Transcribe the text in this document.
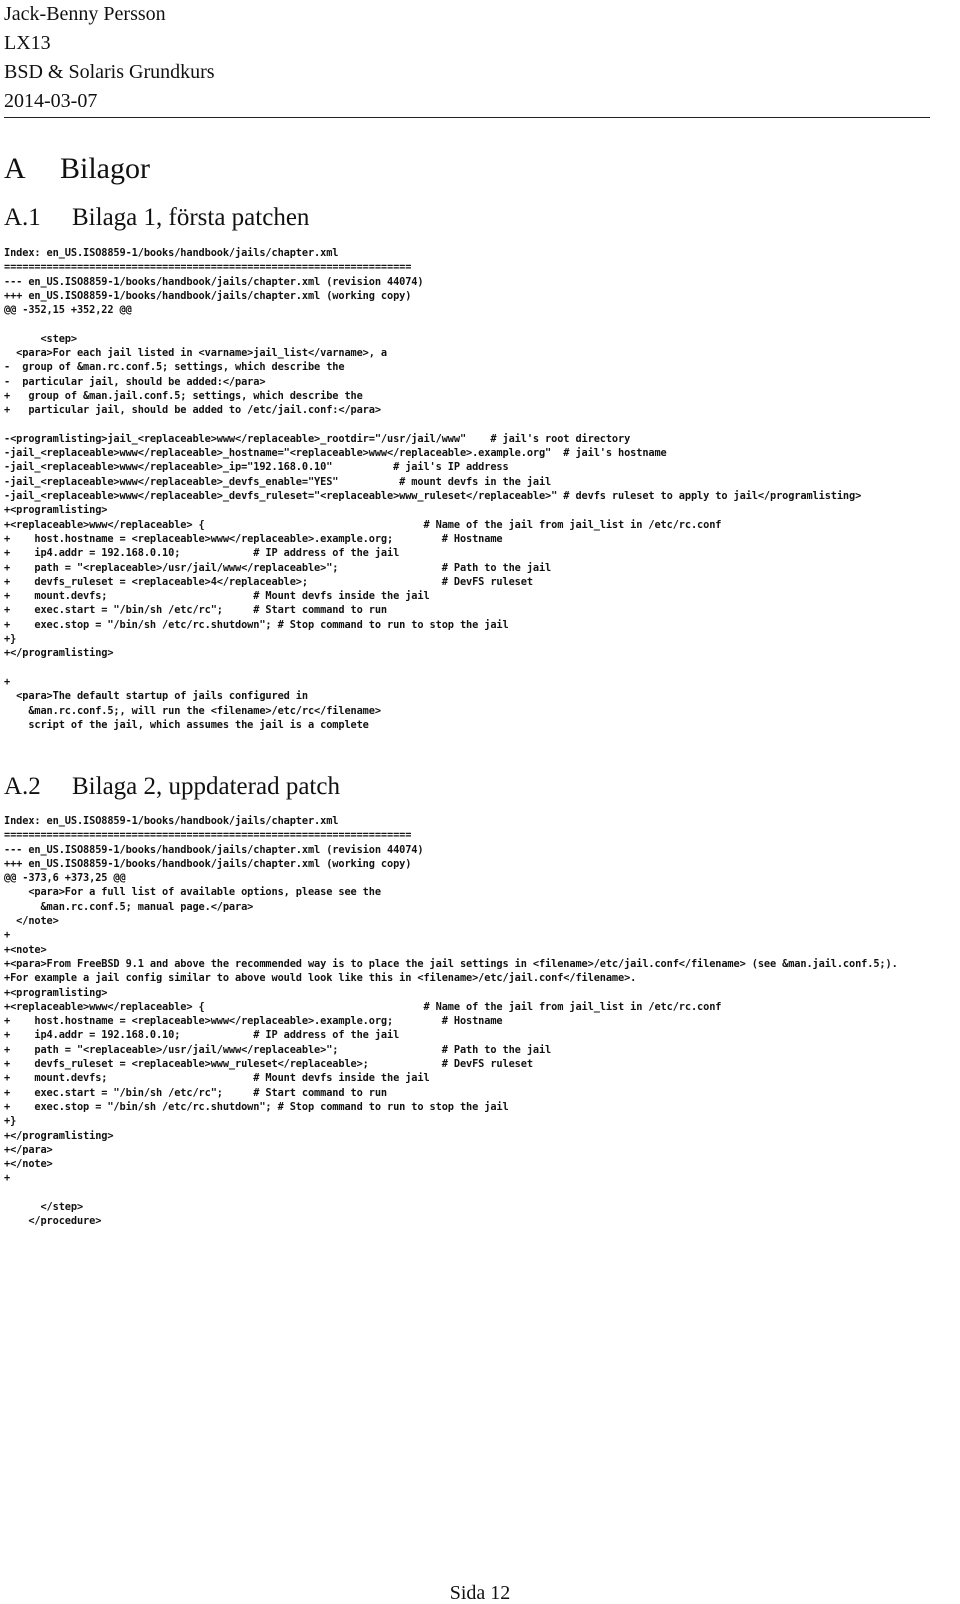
Jack-Benny Persson
LX13
BSD & Solaris Grundkurs
2014-03-07
A Bilagor
A.1 Bilaga 1, första patchen
Index: en_US.ISO8859-1/books/handbook/jails/chapter.xml
===================================================================
--- en_US.ISO8859-1/books/handbook/jails/chapter.xml (revision 44074)
+++ en_US.ISO8859-1/books/handbook/jails/chapter.xml (working copy)
@@ -352,15 +352,22 @@

<step>
<para>For each jail listed in <varname>jail_list</varname>, a
-  group of &man.rc.conf.5; settings, which describe the
-  particular jail, should be added:</para>
+   group of &man.jail.conf.5; settings, which describe the
+   particular jail, should be added to /etc/jail.conf:</para>

-<programlisting>jail_<replaceable>www</replaceable>_rootdir="/usr/jail/www"    # jail's root directory
-jail_<replaceable>www</replaceable>_hostname="<replaceable>www</replaceable>.example.org"  # jail's hostname
-jail_<replaceable>www</replaceable>_ip="192.168.0.10"          # jail's IP address
-jail_<replaceable>www</replaceable>_devfs_enable="YES"          # mount devfs in the jail
-jail_<replaceable>www</replaceable>_devfs_ruleset="<replaceable>www_ruleset</replaceable>" # devfs ruleset to apply to jail</programlisting>
+<programlisting>
+<replaceable>www</replaceable> {                                    # Name of the jail from jail_list in /etc/rc.conf
+    host.hostname = <replaceable>www</replaceable>.example.org;        # Hostname
+    ip4.addr = 192.168.0.10;            # IP address of the jail
+    path = "<replaceable>/usr/jail/www</replaceable>";                 # Path to the jail
+    devfs_ruleset = <replaceable>4</replaceable>;                      # DevFS ruleset
+    mount.devfs;                        # Mount devfs inside the jail
+    exec.start = "/bin/sh /etc/rc";     # Start command to run
+    exec.stop = "/bin/sh /etc/rc.shutdown"; # Stop command to run to stop the jail
+}
+</programlisting>

+
<para>The default startup of jails configured in
&man.rc.conf.5;, will run the <filename>/etc/rc</filename>
script of the jail, which assumes the jail is a complete
A.2 Bilaga 2, uppdaterad patch
Index: en_US.ISO8859-1/books/handbook/jails/chapter.xml
===================================================================
--- en_US.ISO8859-1/books/handbook/jails/chapter.xml (revision 44074)
+++ en_US.ISO8859-1/books/handbook/jails/chapter.xml (working copy)
@@ -373,6 +373,25 @@
<para>For a full list of available options, please see the
&man.rc.conf.5; manual page.</para>
</note>
+
+<note>
+<para>From FreeBSD 9.1 and above the recommended way is to place the jail settings in <filename>/etc/jail.conf</filename> (see &man.jail.conf.5;).
+For example a jail config similar to above would look like this in <filename>/etc/jail.conf</filename>.
+<programlisting>
+<replaceable>www</replaceable> {                                    # Name of the jail from jail_list in /etc/rc.conf
+    host.hostname = <replaceable>www</replaceable>.example.org;        # Hostname
+    ip4.addr = 192.168.0.10;            # IP address of the jail
+    path = "<replaceable>/usr/jail/www</replaceable>";                 # Path to the jail
+    devfs_ruleset = <replaceable>www_ruleset</replaceable>;            # DevFS ruleset
+    mount.devfs;                        # Mount devfs inside the jail
+    exec.start = "/bin/sh /etc/rc";     # Start command to run
+    exec.stop = "/bin/sh /etc/rc.shutdown"; # Stop command to run to stop the jail
+}
+</programlisting>
+</para>
+</note>
+

</step>
</procedure>
Sida 12
